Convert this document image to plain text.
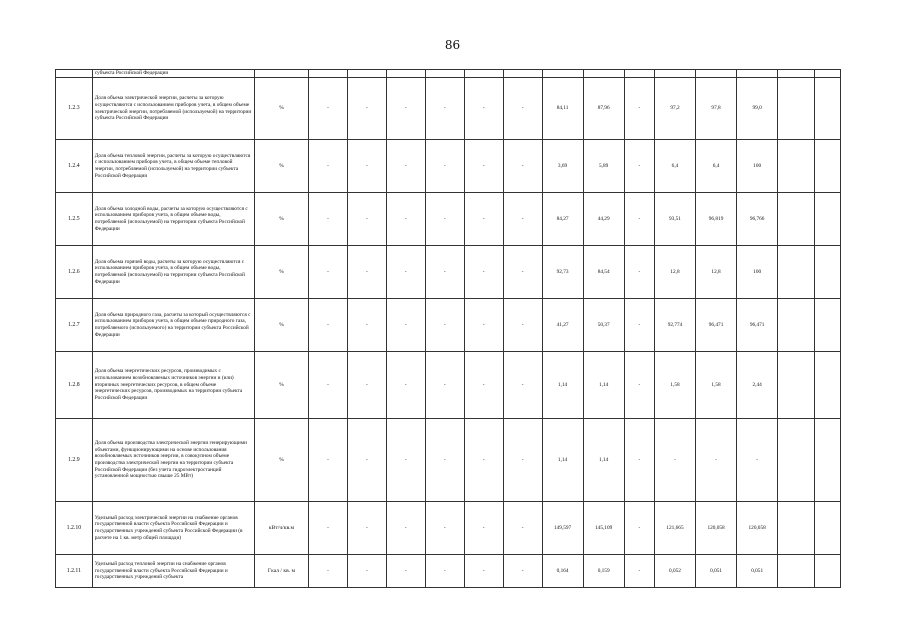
86
	субъекта Российской Федерации															
1.2.3	Доля объема электрической энергии, расчеты за которую осуществляются с использованием приборов учета, в общем объеме электрической энергии, потребляемой (используемой) на территории субъекта Российской Федерации	%	-	-	-	-	-	-	84,11	87,96	-	97,2	97,8	99,0		
1.2.4	Доля объема тепловой энергии, расчеты за которую осуществляются с использованием приборов учета, в общем объеме тепловой энергии, потребляемой (используемой) на территории субъекта Российской Федерации	%	-	-	-	-	-	-	3,69	5,89	-	6,4	6,4	100		
1.2.5	Доля объема холодной воды, расчеты за которую осуществляются с использованием приборов учета, в общем объеме воды, потребляемой (используемой) на территории субъекта Российской Федерации	%	-	-	-	-	-	-	84,27	44,29	-	93,51	96,819	96,766		
1.2.6	Доля объема горячей воды, расчеты за которую осуществляются с использованием приборов учета, в общем объеме воды, потребляемой (используемой) на территории субъекта Российской Федерации	%	-	-	-	-	-	-	92,73	84,54	-	12,8	12,8	100		
1.2.7	Доля объема природного газа, расчеты за который осуществляются с использованием приборов учета, в общем объеме природного газа, потребляемого (используемого) на территории субъекта Российской Федерации	%	-	-	-	-	-	-	41,27	50,37	-	92,774	96,471	96,471		
1.2.8	Доля объема энергетических ресурсов, производимых с использованием возобновляемых источников энергии и (или) вторичных энергетических ресурсов, в общем объеме энергетических ресурсов, производимых на территории субъекта Российской Федерации	%	-	-	-	-	-	-	1,14	1,14	-	1,58	1,58	2,44		
1.2.9	Доля объема производства электрической энергии генерирующими объектами, функционирующими на основе использования возобновляемых источников энергии, в совокупном объеме производства электрической энергии на территории субъекта Российской Федерации (без учета гидроэлектростанций установленной мощностью свыше 25 МВт)	%	-	-	-	-	-	-	1,14	1,14	-	-	-	-		
1.2.10	Удельный расход электрической энергии на снабжение органов государственной власти субъекта Российской Федерации и государственных учреждений субъекта Российской Федерации (в расчете на 1 кв. метр общей площади)	кВт/ч/кв.м	-	-	-	-	-	-	149,597	145,109	-	121,665	120,058	120,058		
1.2.11	Удельный расход тепловой энергии на снабжение органов государственной власти субъекта Российской Федерации и государственных учреждений субъекта	Гкал / кв. м	-	-	-	-	-	-	0,164	0,159	-	0,052	0,051	0,051		
